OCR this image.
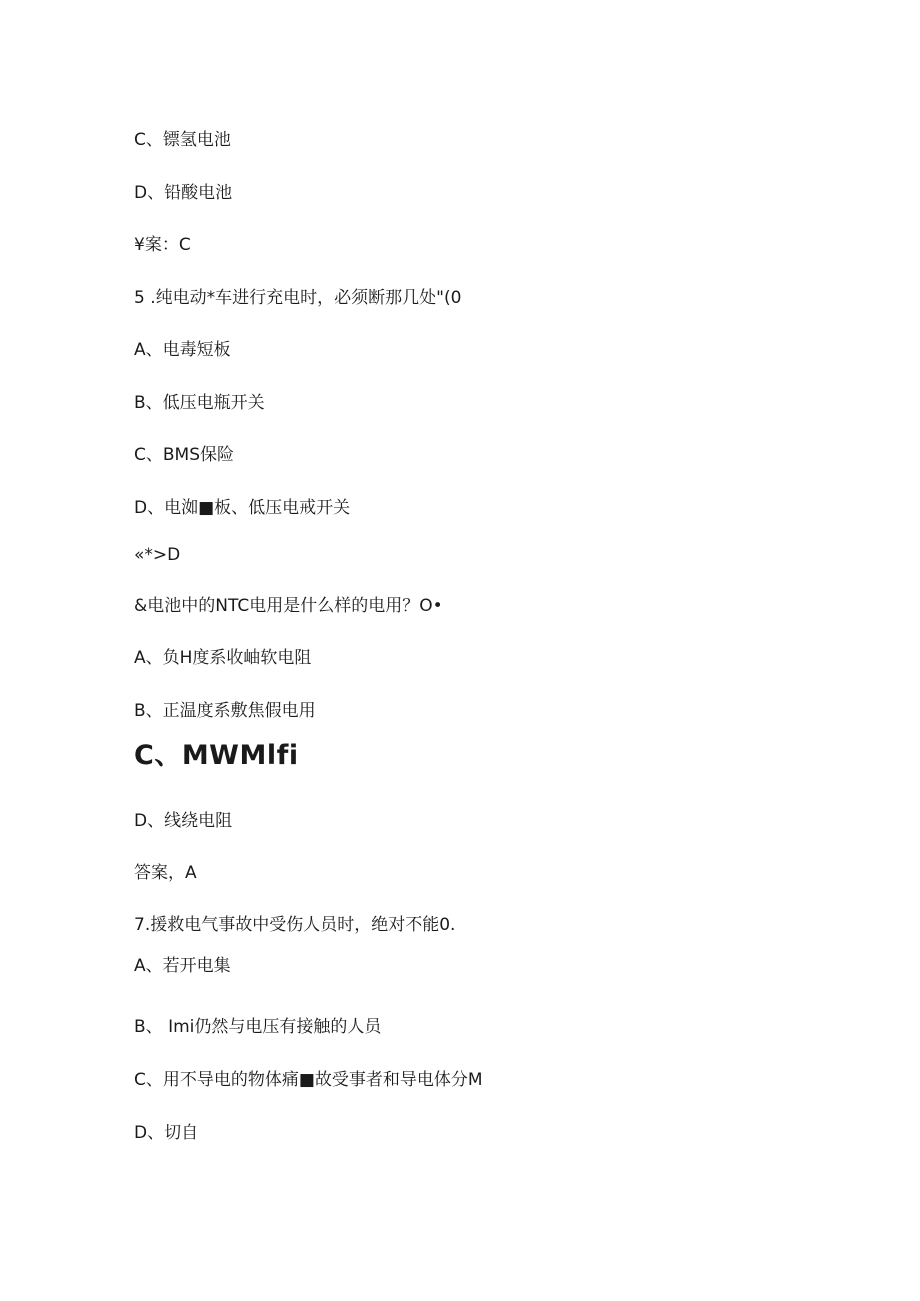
C、镖氢电池
D、铅酸电池
¥案：C
5 .纯电动*车进行充电时，必须断那几处"(0
A、电毒短板
B、低压电瓶开关
C、BMS保险
D、电洳■板、低压电戒开关
«*>D
&电池中的NTC电用是什么样的电用？O•
A、负H度系收岫软电阻
B、正温度系敷焦假电用
C、MWMlfi
D、线绕电阻
答案，A
7.援救电气事故中受伤人员时，绝对不能0.
A、若开电集
B、 Imi仍然与电压有接触的人员
C、用不导电的物体痛■故受事者和导电体分M
D、切自
